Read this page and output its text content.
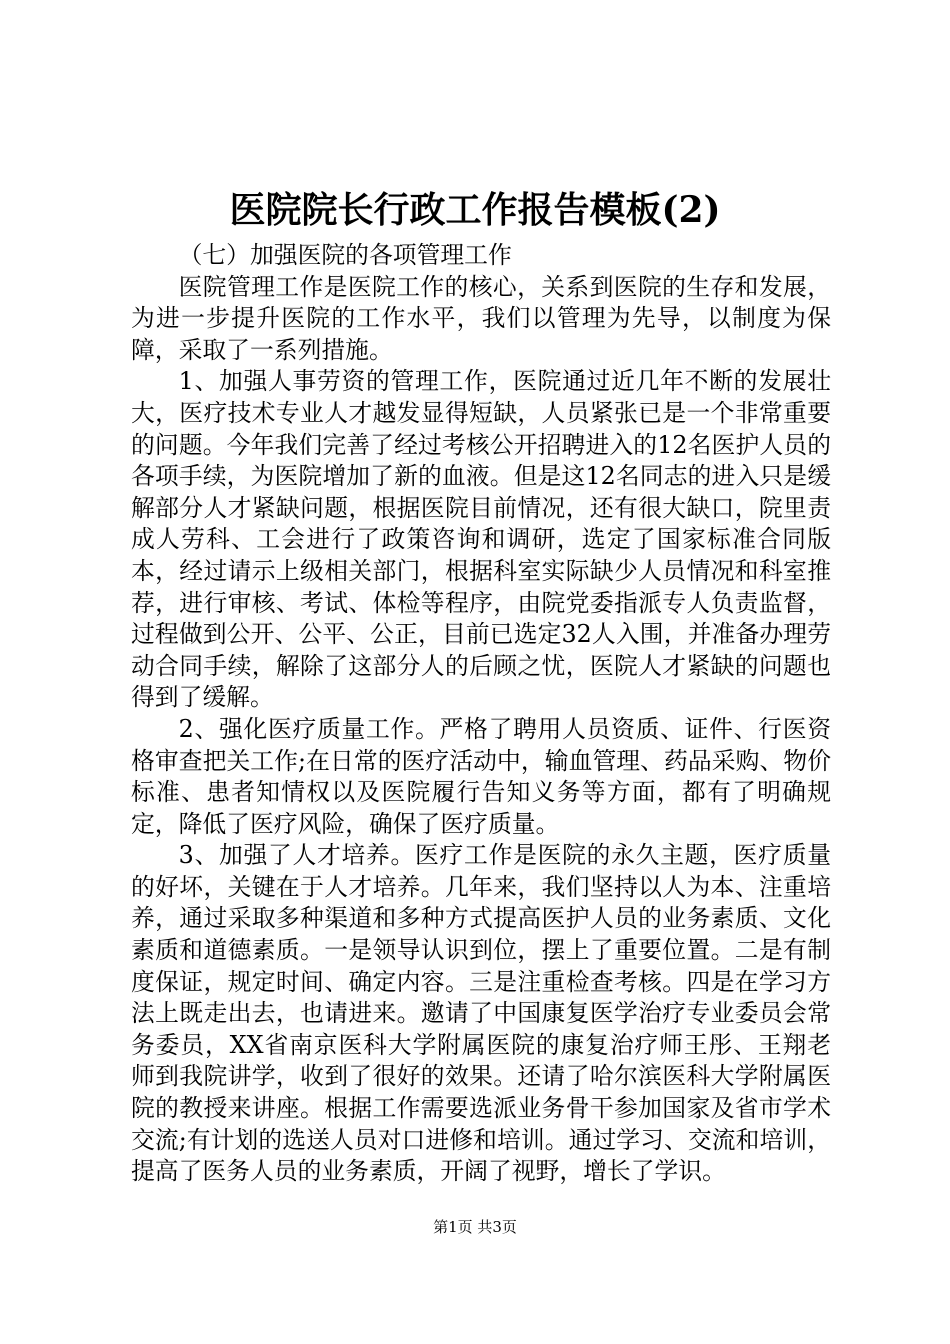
医院院长行政工作报告模板(2)

（七）加强医院的各项管理工作

医院管理工作是医院工作的核心，关系到医院的生存和发展，为进一步提升医院的工作水平，我们以管理为先导，以制度为保障，采取了一系列措施。

1、加强人事劳资的管理工作，医院通过近几年不断的发展壮大，医疗技术专业人才越发显得短缺，人员紧张已是一个非常重要的问题。今年我们完善了经过考核公开招聘进入的12名医护人员的各项手续，为医院增加了新的血液。但是这12名同志的进入只是缓解部分人才紧缺问题，根据医院目前情况，还有很大缺口，院里责成人劳科、工会进行了政策咨询和调研，选定了国家标准合同版本，经过请示上级相关部门，根据科室实际缺少人员情况和科室推荐，进行审核、考试、体检等程序，由院党委指派专人负责监督，过程做到公开、公平、公正，目前已选定32人入围，并准备办理劳动合同手续，解除了这部分人的后顾之忧，医院人才紧缺的问题也得到了缓解。

2、强化医疗质量工作。严格了聘用人员资质、证件、行医资格审查把关工作;在日常的医疗活动中，输血管理、药品采购、物价标准、患者知情权以及医院履行告知义务等方面，都有了明确规定，降低了医疗风险，确保了医疗质量。

3、加强了人才培养。医疗工作是医院的永久主题，医疗质量的好坏，关键在于人才培养。几年来，我们坚持以人为本、注重培养，通过采取多种渠道和多种方式提高医护人员的业务素质、文化素质和道德素质。一是领导认识到位，摆上了重要位置。二是有制度保证，规定时间、确定内容。三是注重检查考核。四是在学习方法上既走出去，也请进来。邀请了中国康复医学治疗专业委员会常务委员，XX省南京医科大学附属医院的康复治疗师王彤、王翔老师到我院讲学，收到了很好的效果。还请了哈尔滨医科大学附属医院的教授来讲座。根据工作需要选派业务骨干参加国家及省市学术交流;有计划的选送人员对口进修和培训。通过学习、交流和培训，提高了医务人员的业务素质，开阔了视野，增长了学识。

第1页 共3页
